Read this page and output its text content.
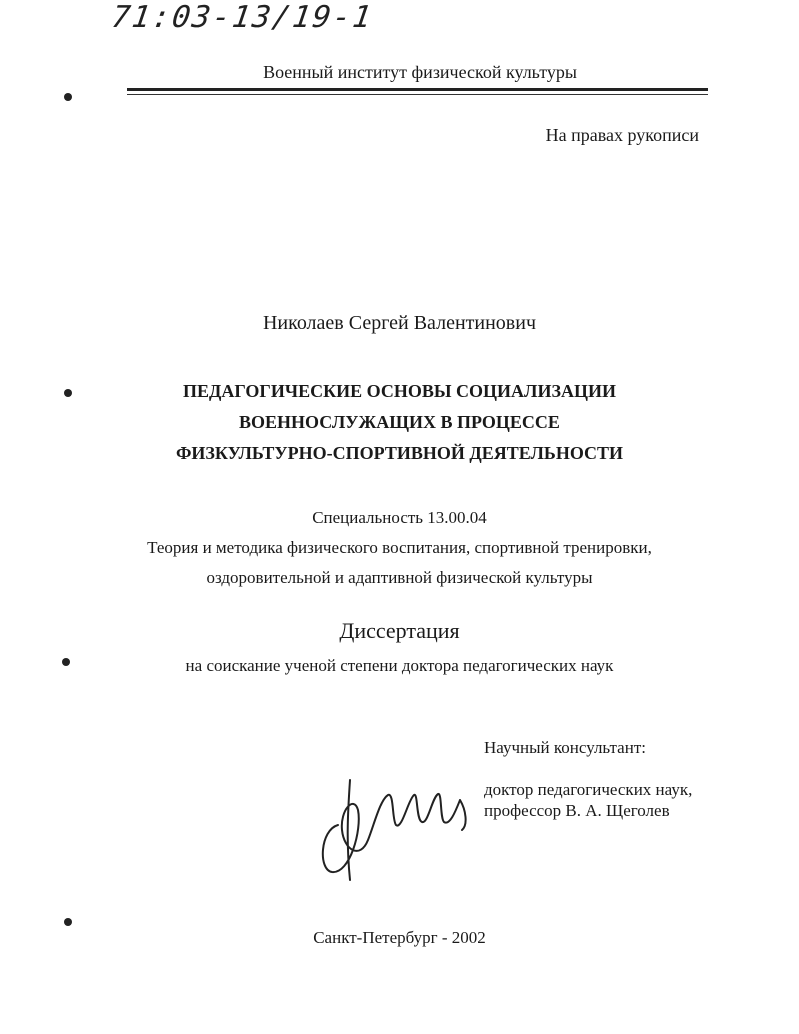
71:03-13/19-1
Военный институт физической культуры
На правах рукописи
Николаев Сергей Валентинович
ПЕДАГОГИЧЕСКИЕ ОСНОВЫ СОЦИАЛИЗАЦИИ
ВОЕННОСЛУЖАЩИХ В ПРОЦЕССЕ
ФИЗКУЛЬТУРНО-СПОРТИВНОЙ ДЕЯТЕЛЬНОСТИ
Специальность 13.00.04
Теория и методика физического воспитания, спортивной тренировки,
оздоровительной и адаптивной физической культуры
Диссертация
на соискание ученой степени доктора педагогических наук
Научный консультант:
доктор педагогических наук,
профессор В. А. Щеголев
Санкт-Петербург - 2002
